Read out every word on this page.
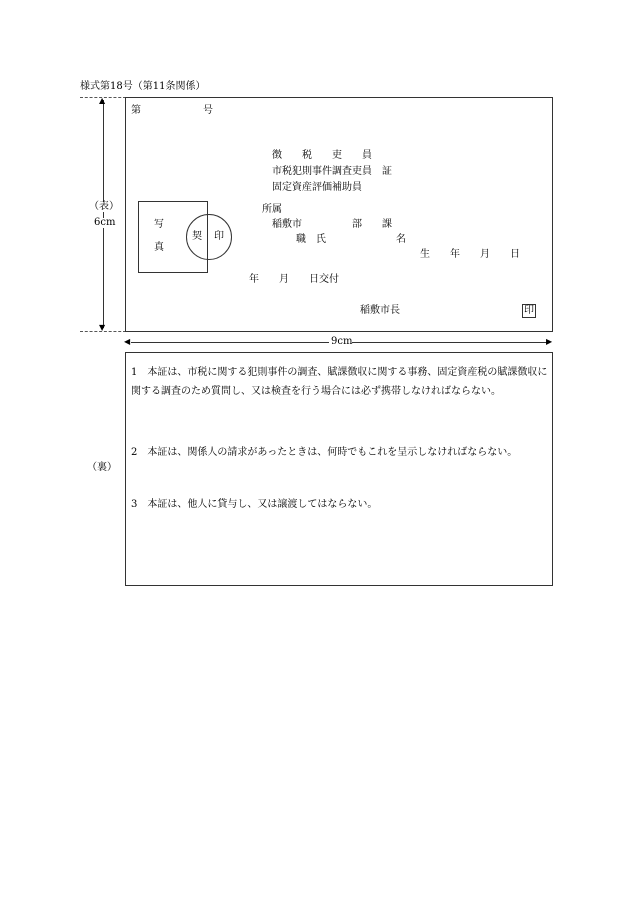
様式第18号（第11条関係）
▲
▼
（表）
6cm
第	号
徴　　税　　吏　　員
市税犯則事件調査吏員　証
固定資産評価補助員
写
真
契 印
所属
稲敷市　　　　　部　　課
職　氏　　　　　　　名
生　　年　　月　　日
年　　月　　日交付
稲敷市長	印
◀	▶
9cm
（裏）
1　本証は、市税に関する犯則事件の調査、賦課徴収に関する事務、固定資産税の賦課徴収に関する調査のため質問し、又は検査を行う場合には必ず携帯しなければならない。
2　本証は、関係人の請求があったときは、何時でもこれを呈示しなければならない。
3　本証は、他人に貸与し、又は譲渡してはならない。
